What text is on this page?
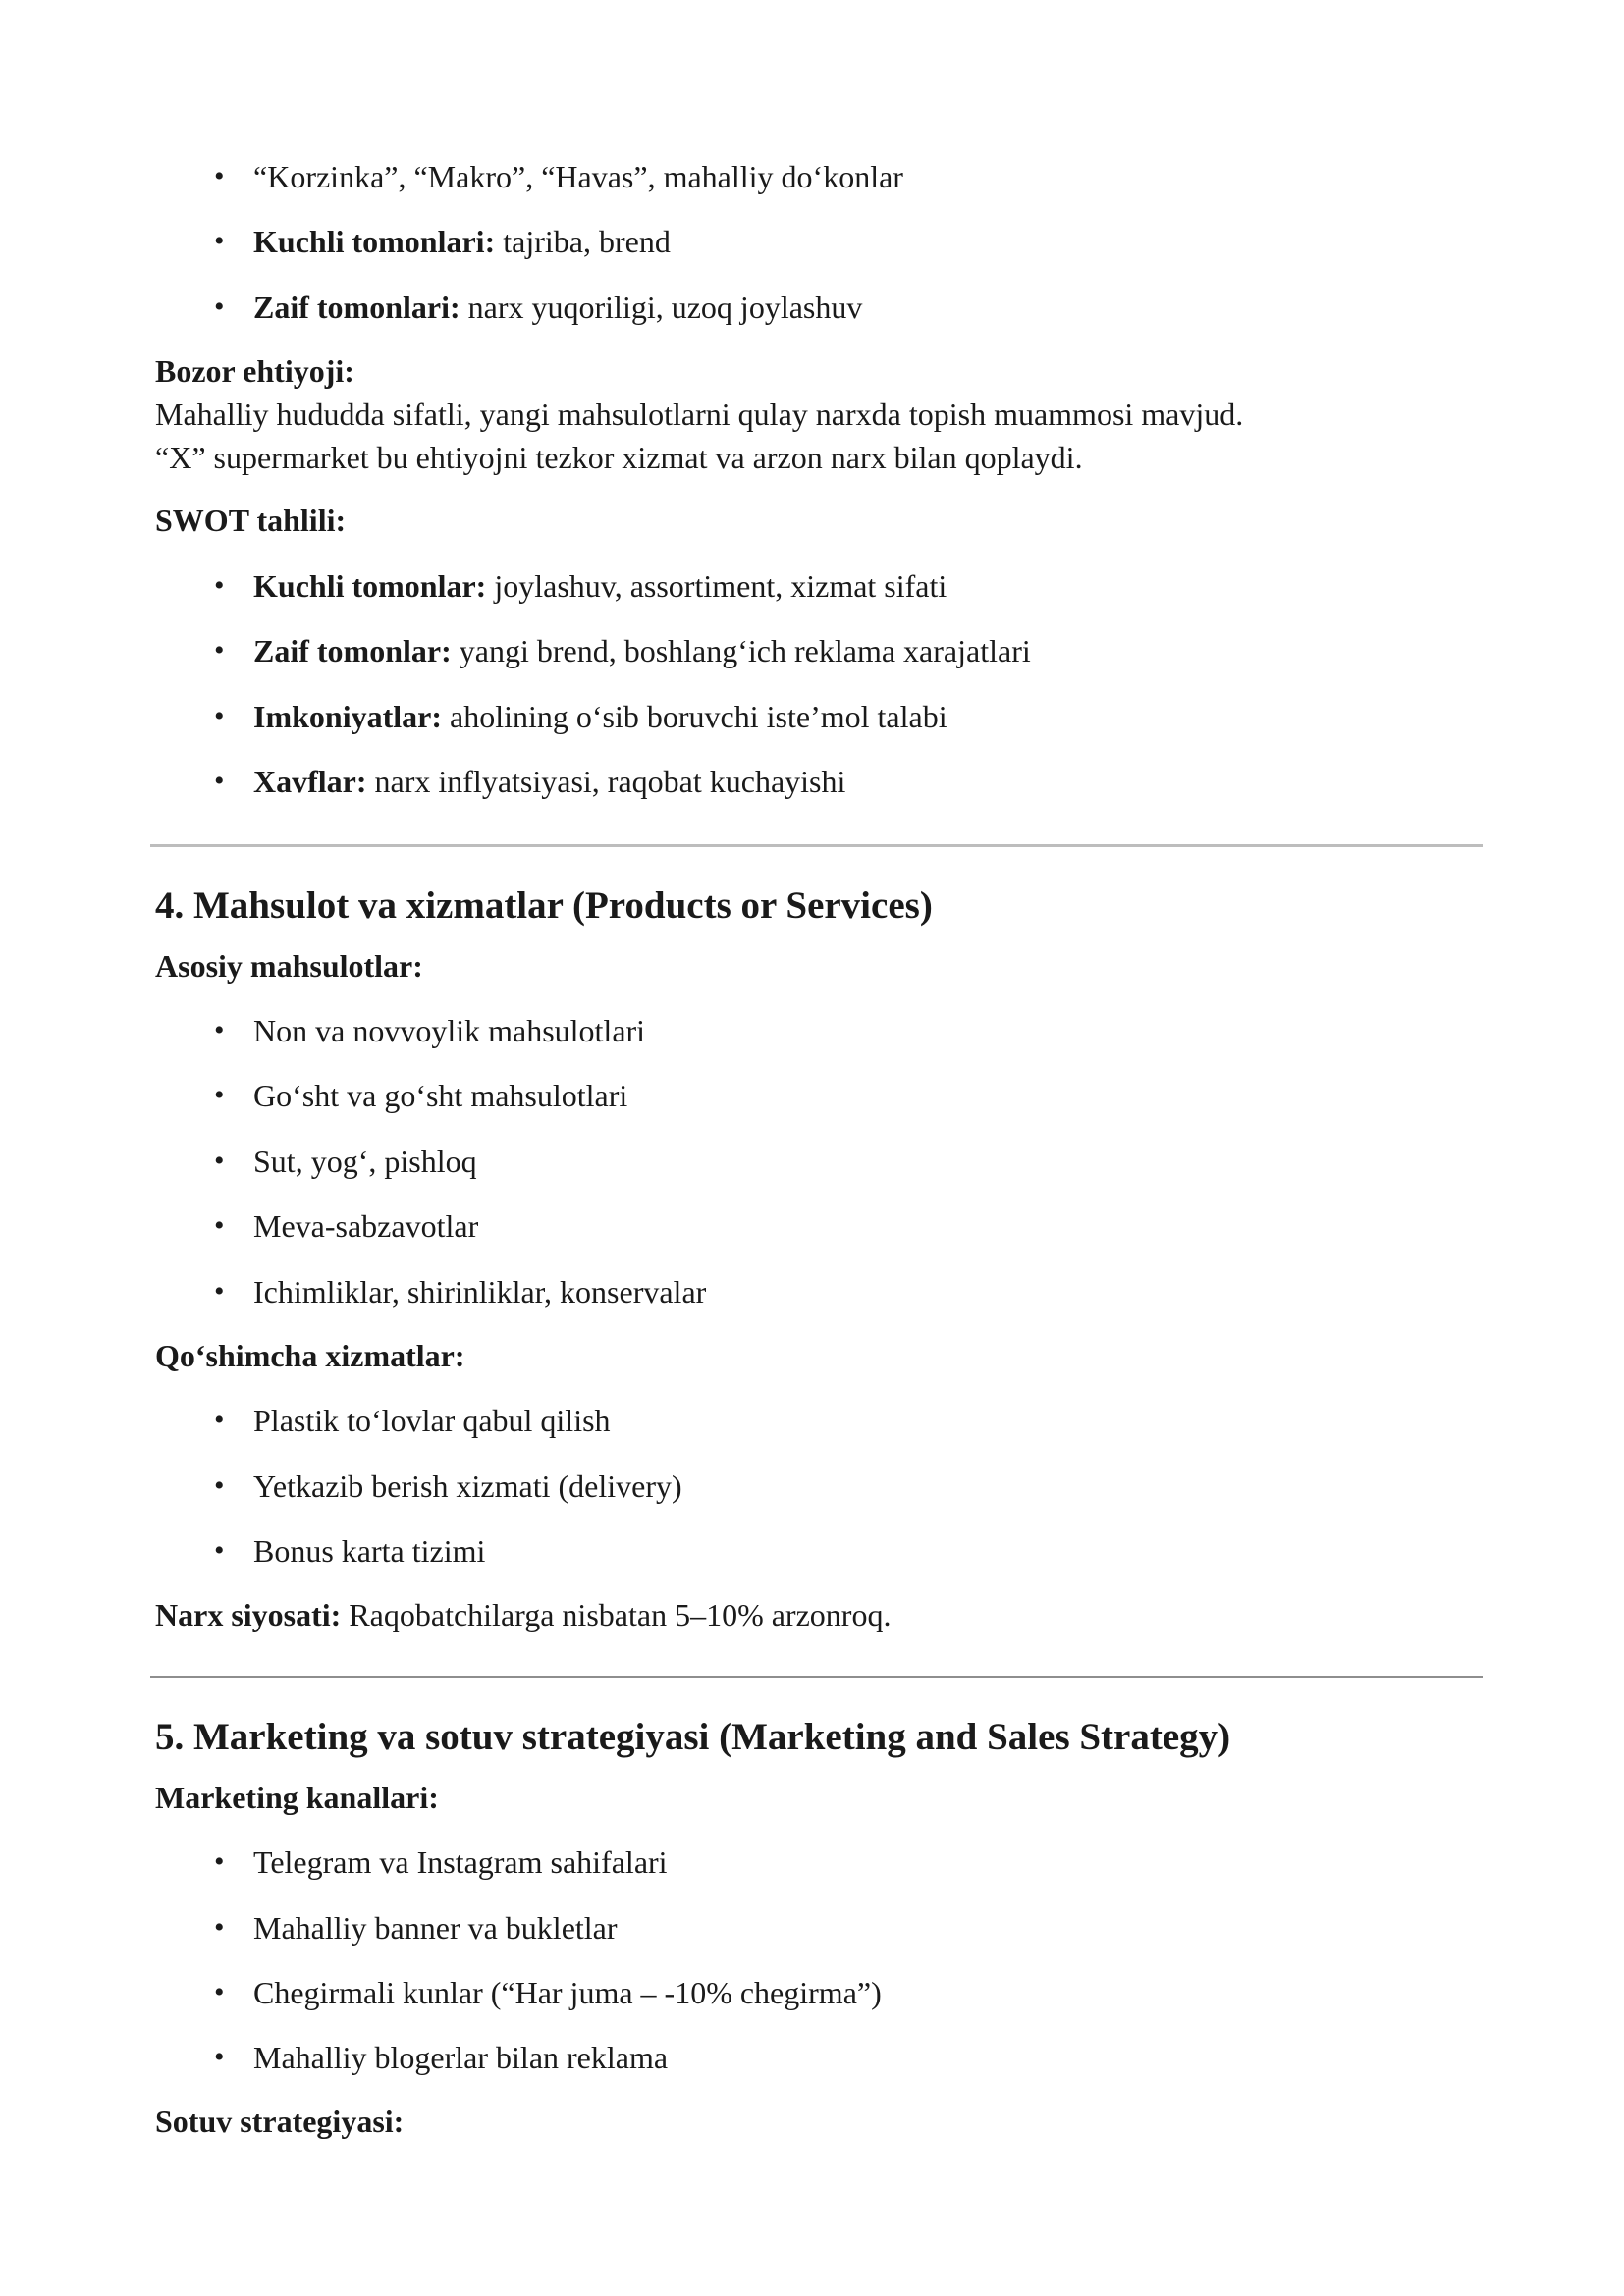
• “Korzinka”, “Makro”, “Havas”, mahalliy do‘konlar
• Kuchli tomonlari: tajriba, brend
• Zaif tomonlari: narx yuqoriligi, uzoq joylashuv
Bozor ehtiyoji:
Mahalliy hududda sifatli, yangi mahsulotlarni qulay narxda topish muammosi mavjud.
“X” supermarket bu ehtiyojni tezkor xizmat va arzon narx bilan qoplaydi.
SWOT tahlili:
• Kuchli tomonlar: joylashuv, assortiment, xizmat sifati
• Zaif tomonlar: yangi brend, boshlang‘ich reklama xarajatlari
• Imkoniyatlar: aholining o‘sib boruvchi iste’mol talabi
• Xavflar: narx inflyatsiyasi, raqobat kuchayishi
4. Mahsulot va xizmatlar (Products or Services)
Asosiy mahsulotlar:
• Non va novvoylik mahsulotlari
• Go‘sht va go‘sht mahsulotlari
• Sut, yog‘, pishloq
• Meva-sabzavotlar
• Ichimliklar, shirinliklar, konservalar
Qo‘shimcha xizmatlar:
• Plastik to‘lovlar qabul qilish
• Yetkazib berish xizmati (delivery)
• Bonus karta tizimi
Narx siyosati: Raqobatchilarga nisbatan 5–10% arzonroq.
5. Marketing va sotuv strategiyasi (Marketing and Sales Strategy)
Marketing kanallari:
• Telegram va Instagram sahifalari
• Mahalliy banner va bukletlar
• Chegirmali kunlar (“Har juma – -10% chegirma”)
• Mahalliy blogerlar bilan reklama
Sotuv strategiyasi:
